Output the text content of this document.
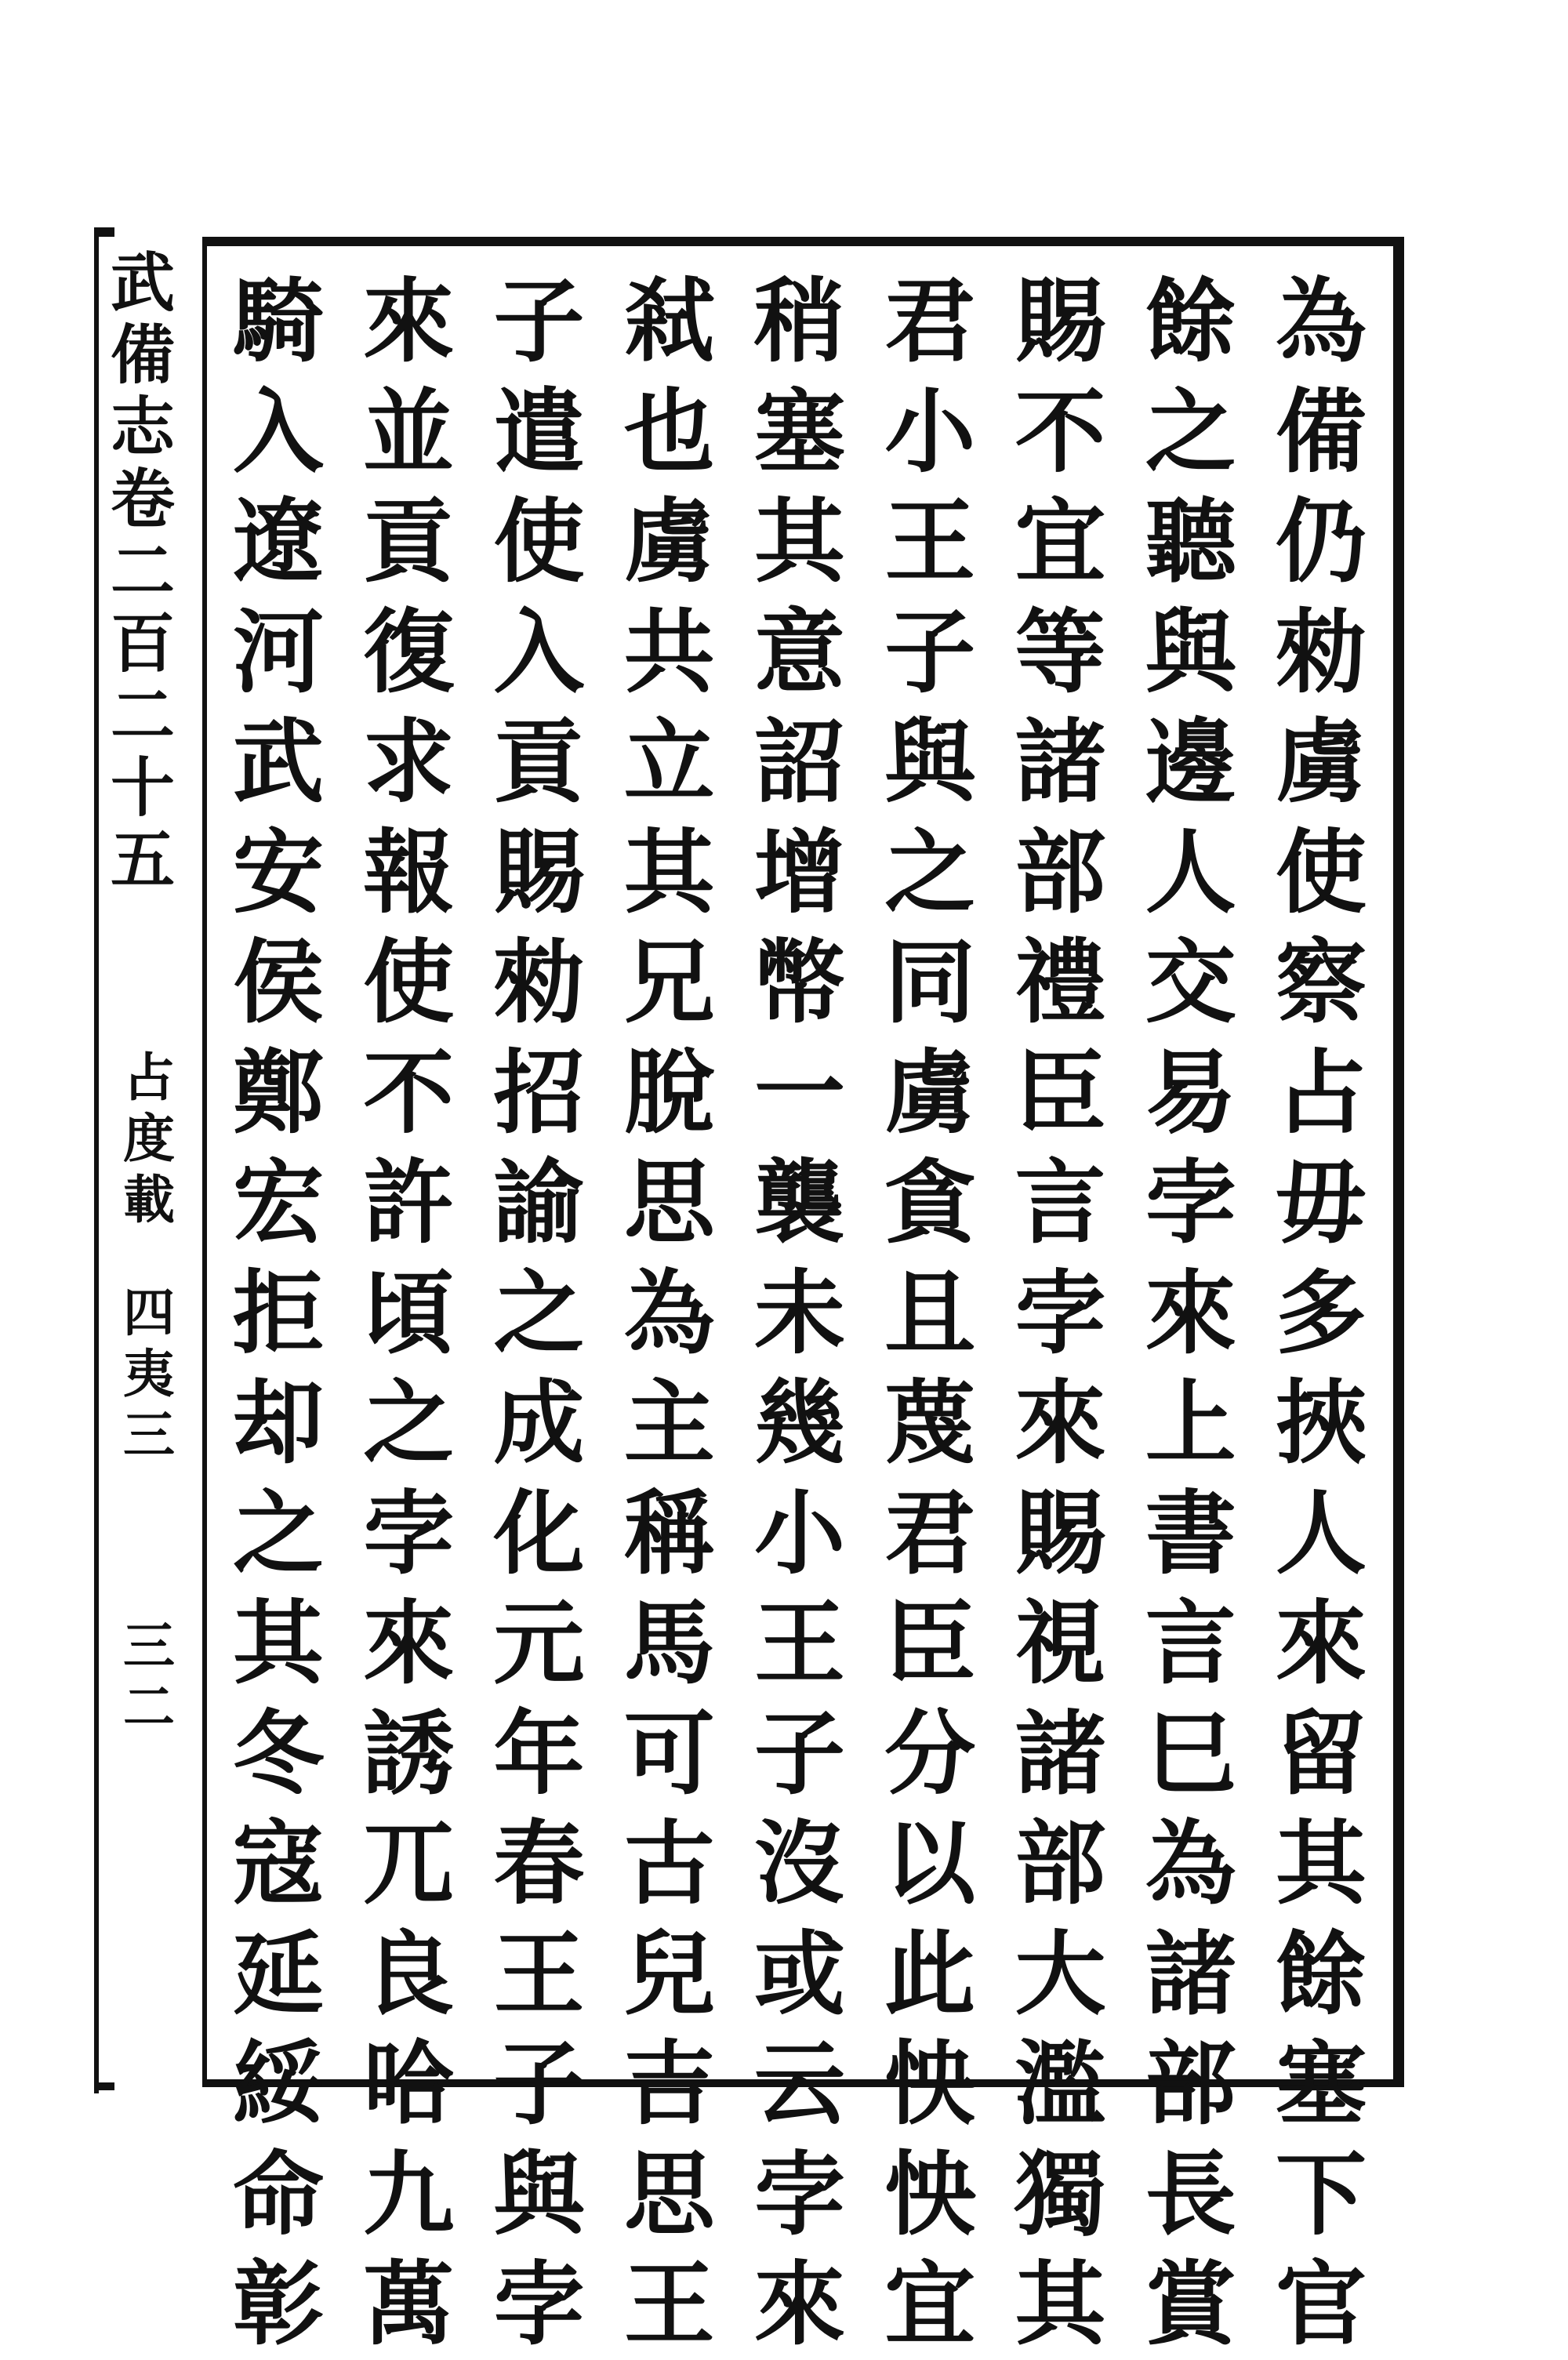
武
備
志
卷
二
百
二
十
五
占
度
載
四
夷
三
三
二
為
備
仍
勑
虜
使
察
占
毋
多
挾
人
來
留
其
餘
塞
下
官
餘
之
聽
與
邊
人
交
易
孛
來
上
書
言
巳
為
諸
部
長
賞
賜
不
宜
等
諸
部
禮
臣
言
孛
來
賜
視
諸
部
大
濫
獨
其
君
小
王
子
與
之
同
虜
貪
且
蔑
君
臣
分
以
此
怏
怏
宜
稍
塞
其
意
詔
增
幣
一
襲
未
幾
小
王
子
沒
或
云
孛
來
弒
也
虜
共
立
其
兄
脫
思
為
主
稱
馬
可
古
兒
吉
思
王
子
遣
使
入
貢
賜
勑
招
諭
之
成
化
元
年
春
王
子
與
孛
來
並
貢
復
求
報
使
不
許
頃
之
孛
來
誘
兀
良
哈
九
萬
騎
入
遼
河
武
安
侯
鄭
宏
拒
却
之
其
冬
寇
延
綏
命
彰
